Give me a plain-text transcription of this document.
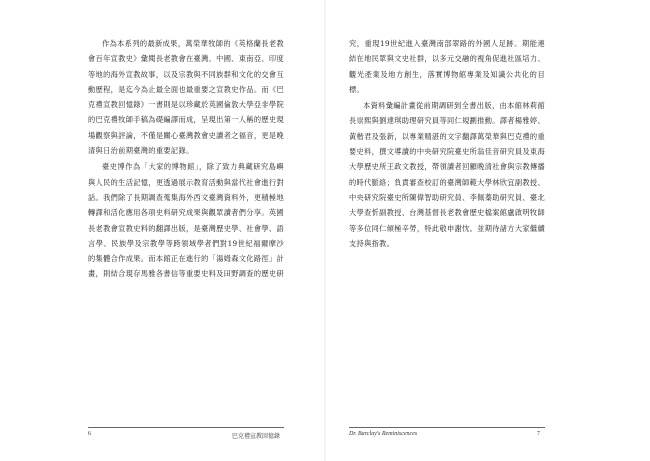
作為本系列的最新成果，萬榮華牧師的《英格蘭長老教會百年宣教史》彙閱長老教會在臺灣、中國、東南亞、印度等地的海外宣教故事，以及宗教與不同族群和文化的交會互動歷程，是迄今為止最全面也最重要之宣教史作品。而《巴克禮宣教回憶錄》一書則是以珍藏於英國倫敦大學亞非學院的巴克禮牧師手稿為礎編譯而成，呈現出第一人稱的歷史現場觀察與評論，不僅是關心臺灣教會史讀者之福音，更是晚清與日治前期臺灣的重要記錄。

臺史博作為「大家的博物館」，除了致力典藏研究島嶼與人民的生活記憶，更透過展示教育活動與當代社會進行對話。我們除了長期調查蒐集海外西文臺灣資料外，更積極地轉譯和活化應用各項史料研究成果與觀眾讀者們分享。英國長老教會宣教史料的翻譯出版，是臺灣歷史學、社會學、語言學、民族學及宗教學等跨領域學者們對19世紀福爾摩沙的集體合作成果。而本館正在進行的「湯姆森文化路徑」計畫，則結合現存馬雅各書信等重要史料及田野調查的歷史研

6	巴克禮宣教回憶錄

究，重現19世紀進入臺灣南部翠路的外國人足跡。期能連結在地民眾與文史社群，以多元交融的視角促進社區培力、觀光產業及地方創生，落實博物館專業及知識公共化的目標。

本資料彙編計畫從前期調研到全書出版，由本館林莉館長崇熙與劉達琪助理研究員等同仁規劃推動。譯者楊雅婷、黃楷君及張新，以專業精湛的文字翻譯萬榮華與巴克禮的重要史料，撰文導讀的中央研究院臺史所翁佳音研究員及東海大學歷史所王政文教授，帶領讀者回顧晚清社會與宗教傳播的時代脈絡；負責審查校訂的臺灣師範大學林欣宜副教授、中央研究院臺史所陳偉智助研究員、李佩蓁助研究員、臺北大學查忻副教授、台灣基督長老教會歷史檔案館盧啟明牧師等多位同仁傾極辛勞，特此敬申謝忱。並期待諸方大家繼續支持與指教。

Dr. Barclay's Reminiscences	7
